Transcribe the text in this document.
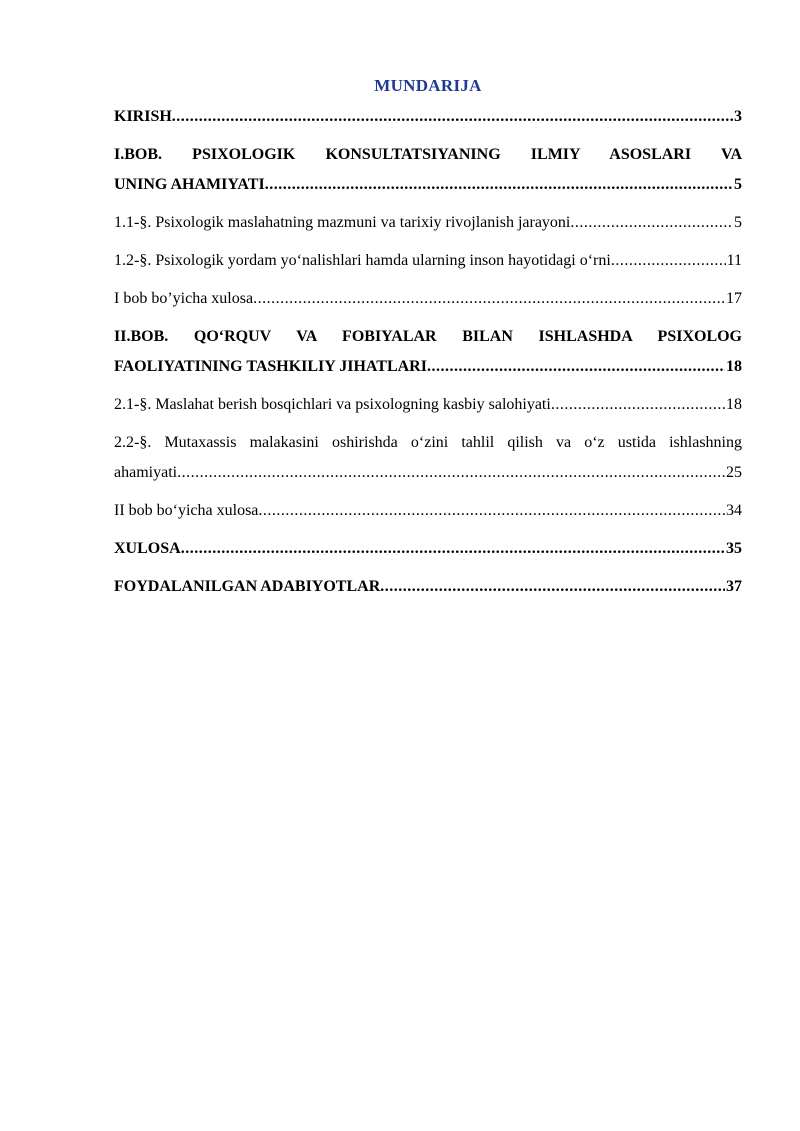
MUNDARIJA
KIRISH .....	3
I.BOB. PSIXOLOGIK KONSULTATSIYANING ILMIY ASOSLARI VA
UNING AHAMIYATI .....	5
1.1-§. Psixologik maslahatning mazmuni va tarixiy rivojlanish jarayoni .....	5
1.2-§. Psixologik yordam yo‘nalishlari hamda ularning inson hayotidagi o‘rni .....	11
I bob bo’yicha xulosa .....	17
II.BOB. QO‘RQUV VA FOBIYALAR BILAN ISHLASHDA PSIXOLOG
FAOLIYATINING TASHKILIY JIHATLARI .....	18
2.1-§. Maslahat berish bosqichlari va psixologning kasbiy salohiyati .....	18
2.2-§. Mutaxassis malakasini oshirishda o‘zini tahlil qilish va o‘z ustida ishlashning
ahamiyati .....	25
II bob bo‘yicha xulosa .....	34
XULOSA .....	35
FOYDALANILGAN ADABIYOTLAR .....	37
